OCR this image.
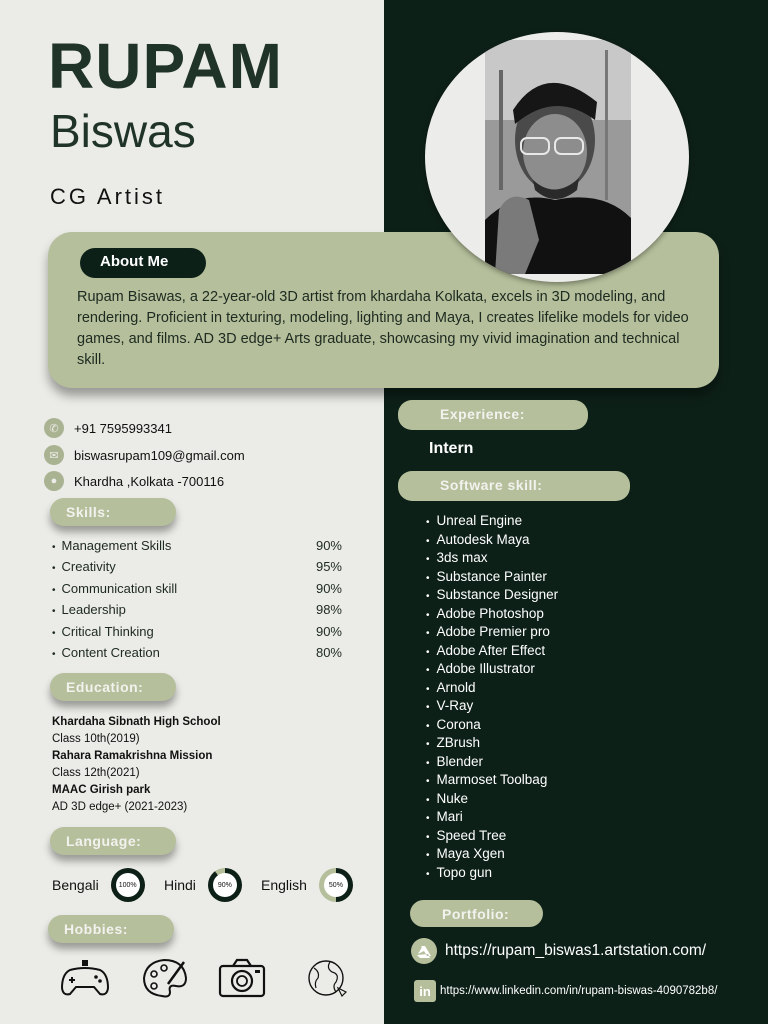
RUPAM
Biswas
CG Artist
About Me
Rupam Bisawas, a 22-year-old 3D artist from khardaha Kolkata, excels in 3D modeling, and rendering. Proficient in texturing, modeling, lighting and Maya, I creates lifelike models for video games, and films. AD 3D edge+ Arts graduate, showcasing my vivid imagination and technical skill.
✆	+91 7595993341
✉	biswasrupam109@gmail.com
●	Khardha ,Kolkata -700116
Skills:
• Management Skills	90%
• Creativity	95%
• Communication skill	90%
• Leadership	98%
• Critical Thinking	90%
• Content Creation	80%
Education:
Khardaha Sibnath High School
Class 10th(2019)
Rahara Ramakrishna Mission
Class 12th(2021)
MAAC Girish park
AD 3D edge+ (2021-2023)
Language:
Bengali	100% Hindi	90%	English	50%
Hobbies:
Experience:
Intern
Software skill:
• Unreal Engine
• Autodesk Maya
• 3ds max
• Substance Painter
• Substance Designer
• Adobe Photoshop
• Adobe Premier pro
• Adobe After Effect
• Adobe Illustrator
• Arnold
• V-Ray
• Corona
• ZBrush
• Blender
• Marmoset Toolbag
• Nuke
• Mari
• Speed Tree
• Maya Xgen
• Topo gun
Portfolio:
https://rupam_biswas1.artstation.com/
in https://www.linkedin.com/in/rupam-biswas-4090782b8/
